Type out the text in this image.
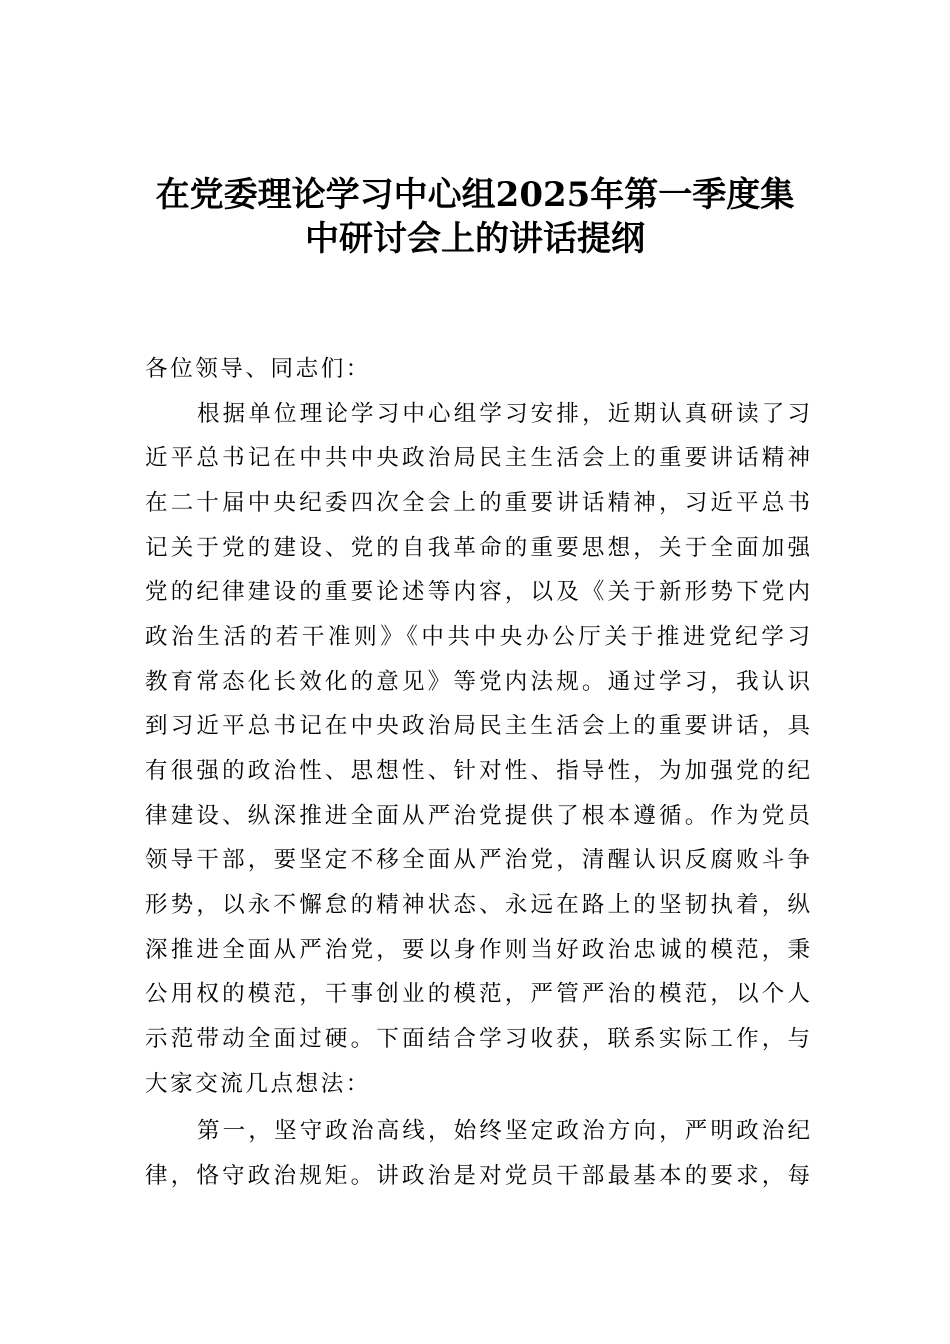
在党委理论学习中心组2025年第一季度集
中研讨会上的讲话提纲
各位领导、同志们：
根据单位理论学习中心组学习安排，近期认真研读了习
近平总书记在中共中央政治局民主生活会上的重要讲话精神
在二十届中央纪委四次全会上的重要讲话精神，习近平总书
记关于党的建设、党的自我革命的重要思想，关于全面加强
党的纪律建设的重要论述等内容，以及《关于新形势下党内
政治生活的若干准则》《中共中央办公厅关于推进党纪学习
教育常态化长效化的意见》等党内法规。通过学习，我认识
到习近平总书记在中央政治局民主生活会上的重要讲话，具
有很强的政治性、思想性、针对性、指导性，为加强党的纪
律建设、纵深推进全面从严治党提供了根本遵循。作为党员
领导干部，要坚定不移全面从严治党，清醒认识反腐败斗争
形势，以永不懈怠的精神状态、永远在路上的坚韧执着，纵
深推进全面从严治党，要以身作则当好政治忠诚的模范，秉
公用权的模范，干事创业的模范，严管严治的模范，以个人
示范带动全面过硬。下面结合学习收获，联系实际工作，与
大家交流几点想法：
第一，坚守政治高线，始终坚定政治方向，严明政治纪
律，恪守政治规矩。讲政治是对党员干部最基本的要求，每
